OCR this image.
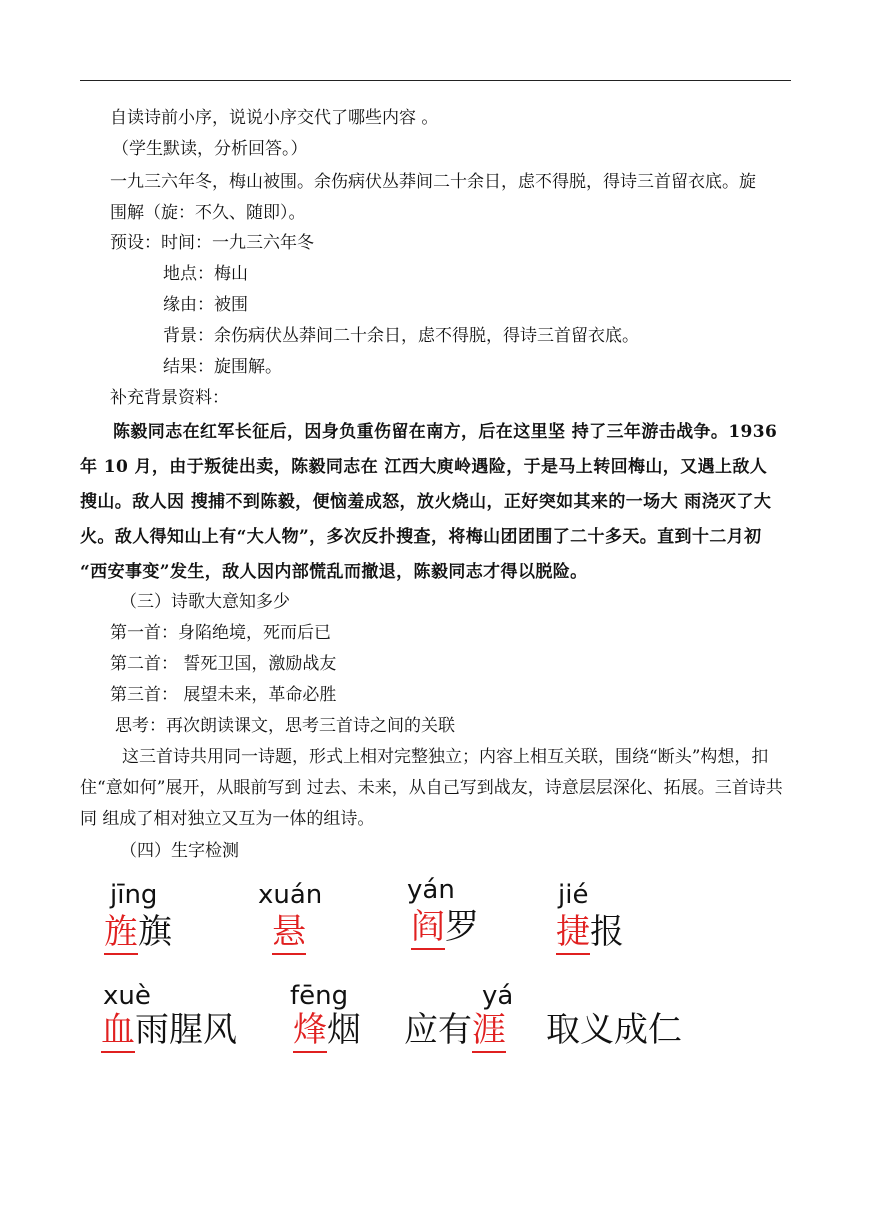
自读诗前小序，说说小序交代了哪些内容 。

（学生默读，分析回答。）

一九三六年冬，梅山被围。余伤病伏丛莽间二十余日，虑不得脱，得诗三首留衣底。旋

围解（旋：不久、随即）。

预设：时间：一九三六年冬

地点：梅山

缘由：被围

背景：余伤病伏丛莽间二十余日，虑不得脱，得诗三首留衣底。

结果：旋围解。

补充背景资料：

陈毅同志在红军长征后，因身负重伤留在南方，后在这里坚 持了三年游击战争。1936

年 10 月，由于叛徒出卖，陈毅同志在 江西大庾岭遇险，于是马上转回梅山，又遇上敌人

搜山。敌人因 搜捕不到陈毅，便恼羞成怒，放火烧山，正好突如其来的一场大 雨浇灭了大

火。敌人得知山上有“大人物”，多次反扑搜查，将梅山团团围了二十多天。直到十二月初

“西安事变”发生，敌人因内部慌乱而撤退，陈毅同志才得以脱险。

（三）诗歌大意知多少

第一首：身陷绝境，死而后已

第二首： 誓死卫国，激励战友

第三首： 展望未来，革命必胜

思考：再次朗读课文，思考三首诗之间的关联

这三首诗共用同一诗题，形式上相对完整独立；内容上相互关联，围绕“断头”构想，扣住“意如何”展开，从眼前写到 过去、未来，从自己写到战友，诗意层层深化、拓展。三首诗共同 组成了相对独立又互为一体的组诗。

（四）生字检测

jīng
旌旗
xuán
悬
yán
阎罗
jié
捷报
xuè
血雨腥风
fēng
烽烟
yá
应有涯 取义成仁
